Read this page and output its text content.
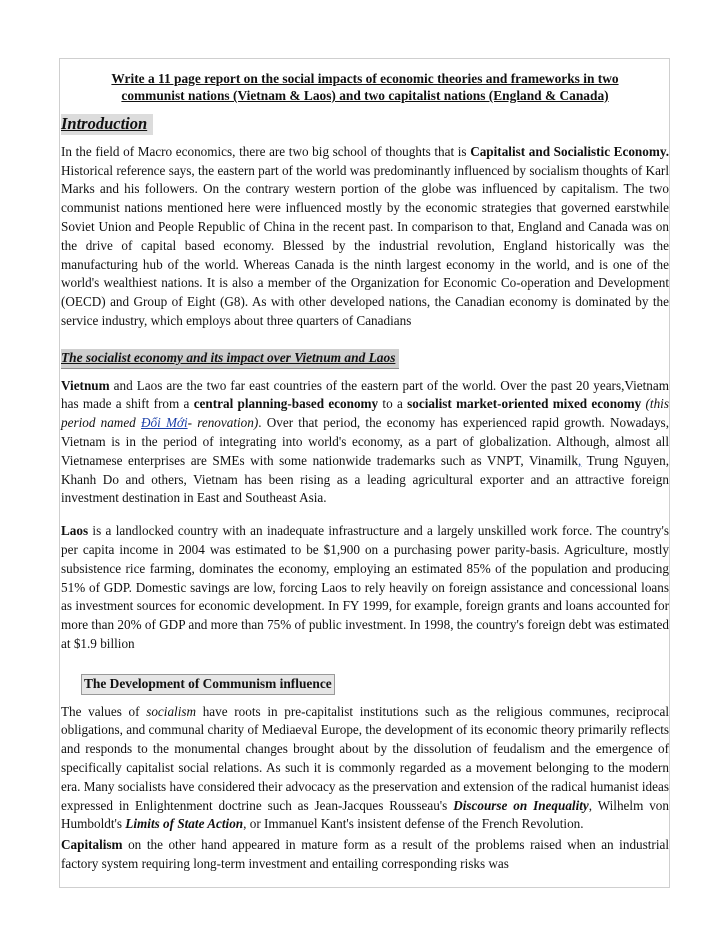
Write a 11 page report on the social impacts of economic theories and frameworks in two
communist nations (Vietnam & Laos) and two capitalist nations (England & Canada)
Introduction

In the field of Macro economics, there are two big school of thoughts that is Capitalist and Socialistic Economy. Historical reference says, the eastern part of the world was predominantly influenced by socialism thoughts of Karl Marks and his followers. On the contrary western portion of the globe was influenced by capitalism. The two communist nations mentioned here were influenced mostly by the economic strategies that governed earstwhile Soviet Union and People Republic of China in the recent past. In comparison to that, England and Canada was on the drive of capital based economy. Blessed by the industrial revolution, England historically was the manufacturing hub of the world. Whereas Canada is the ninth largest economy in the world, and is one of the world's wealthiest nations. It is also a member of the Organization for Economic Co-operation and Development (OECD) and Group of Eight (G8). As with other developed nations, the Canadian economy is dominated by the service industry, which employs about three quarters of Canadians

The socialist economy and its impact over Vietnum and Laos

Vietnum and Laos are the two far east countries of the eastern part of the world. Over the past 20 years,Vietnam has made a shift from a central planning-based economy to a socialist market-oriented mixed economy (this period named Đổi Mới- renovation). Over that period, the economy has experienced rapid growth. Nowadays, Vietnam is in the period of integrating into world's economy, as a part of globalization. Although, almost all Vietnamese enterprises are SMEs with some nationwide trademarks such as VNPT, Vinamilk, Trung Nguyen, Khanh Do and others, Vietnam has been rising as a leading agricultural exporter and an attractive foreign investment destination in East and Southeast Asia.

Laos is a landlocked country with an inadequate infrastructure and a largely unskilled work force. The country's per capita income in 2004 was estimated to be $1,900 on a purchasing power parity-basis. Agriculture, mostly subsistence rice farming, dominates the economy, employing an estimated 85% of the population and producing 51% of GDP. Domestic savings are low, forcing Laos to rely heavily on foreign assistance and concessional loans as investment sources for economic development. In FY 1999, for example, foreign grants and loans accounted for more than 20% of GDP and more than 75% of public investment. In 1998, the country's foreign debt was estimated at $1.9 billion

The Development of Communism influence

The values of socialism have roots in pre-capitalist institutions such as the religious communes, reciprocal obligations, and communal charity of Mediaeval Europe, the development of its economic theory primarily reflects and responds to the monumental changes brought about by the dissolution of feudalism and the emergence of specifically capitalist social relations. As such it is commonly regarded as a movement belonging to the modern era. Many socialists have considered their advocacy as the preservation and extension of the radical humanist ideas expressed in Enlightenment doctrine such as Jean-Jacques Rousseau's Discourse on Inequality, Wilhelm von Humboldt's Limits of State Action, or Immanuel Kant's insistent defense of the French Revolution.

Capitalism on the other hand appeared in mature form as a result of the problems raised when an industrial factory system requiring long-term investment and entailing corresponding risks was
